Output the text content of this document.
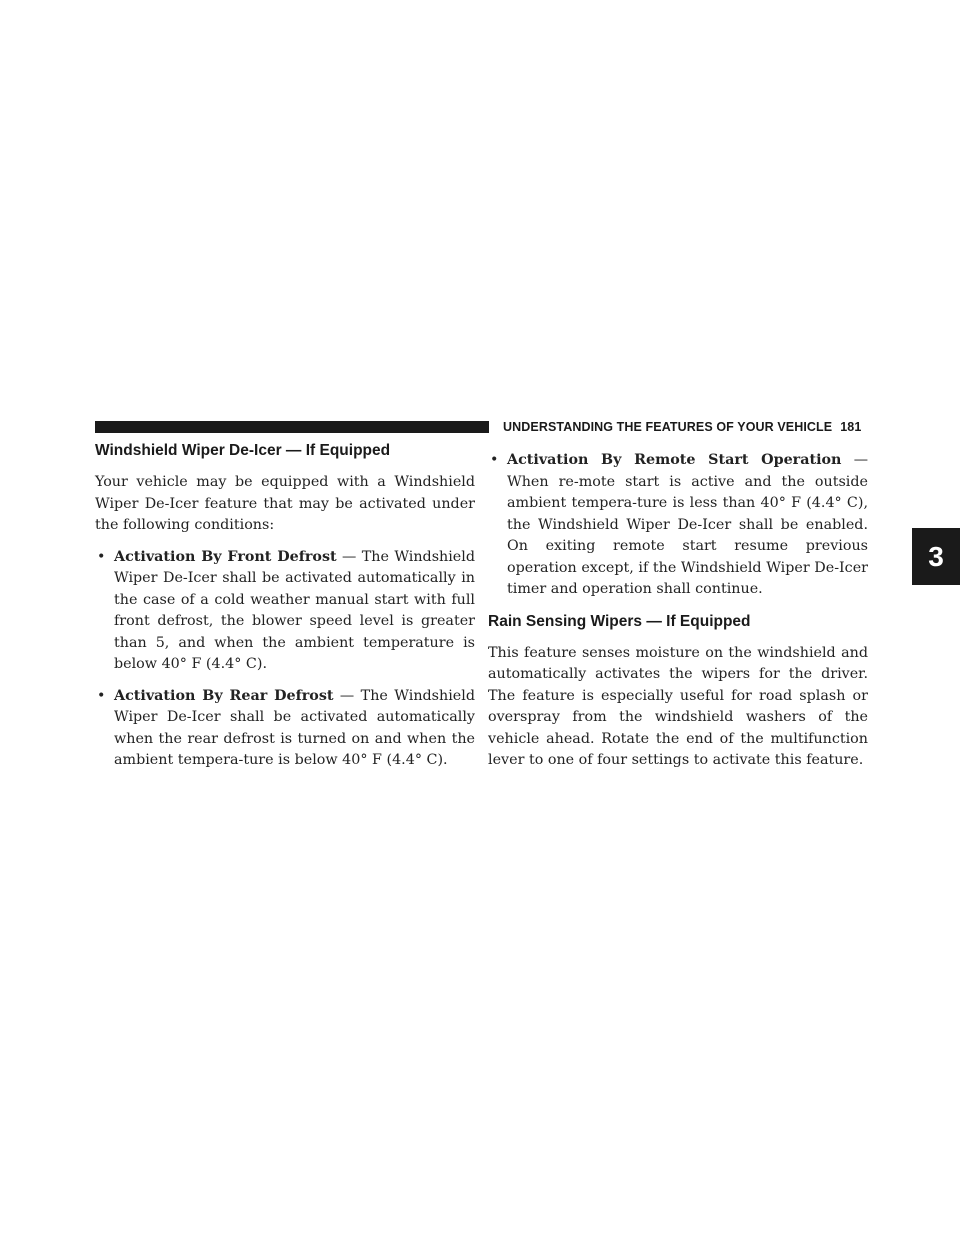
UNDERSTANDING THE FEATURES OF YOUR VEHICLE 181
3
Windshield Wiper De-Icer — If Equipped

Your vehicle may be equipped with a Windshield Wiper De-Icer feature that may be activated under the following conditions:

• Activation By Front Defrost — The Windshield Wiper De-Icer shall be activated automatically in the case of a cold weather manual start with full front defrost, the blower speed level is greater than 5, and when the ambient temperature is below 40° F (4.4° C).
• Activation By Rear Defrost — The Windshield Wiper De-Icer shall be activated automatically when the rear defrost is turned on and when the ambient tempera-ture is below 40° F (4.4° C).
• Activation By Remote Start Operation — When re-mote start is active and the outside ambient tempera-ture is less than 40° F (4.4° C), the Windshield Wiper De-Icer shall be enabled. On exiting remote start resume previous operation except, if the Windshield Wiper De-Icer timer and operation shall continue.
Rain Sensing Wipers — If Equipped

This feature senses moisture on the windshield and automatically activates the wipers for the driver. The feature is especially useful for road splash or overspray from the windshield washers of the vehicle ahead. Rotate the end of the multifunction lever to one of four settings to activate this feature.
